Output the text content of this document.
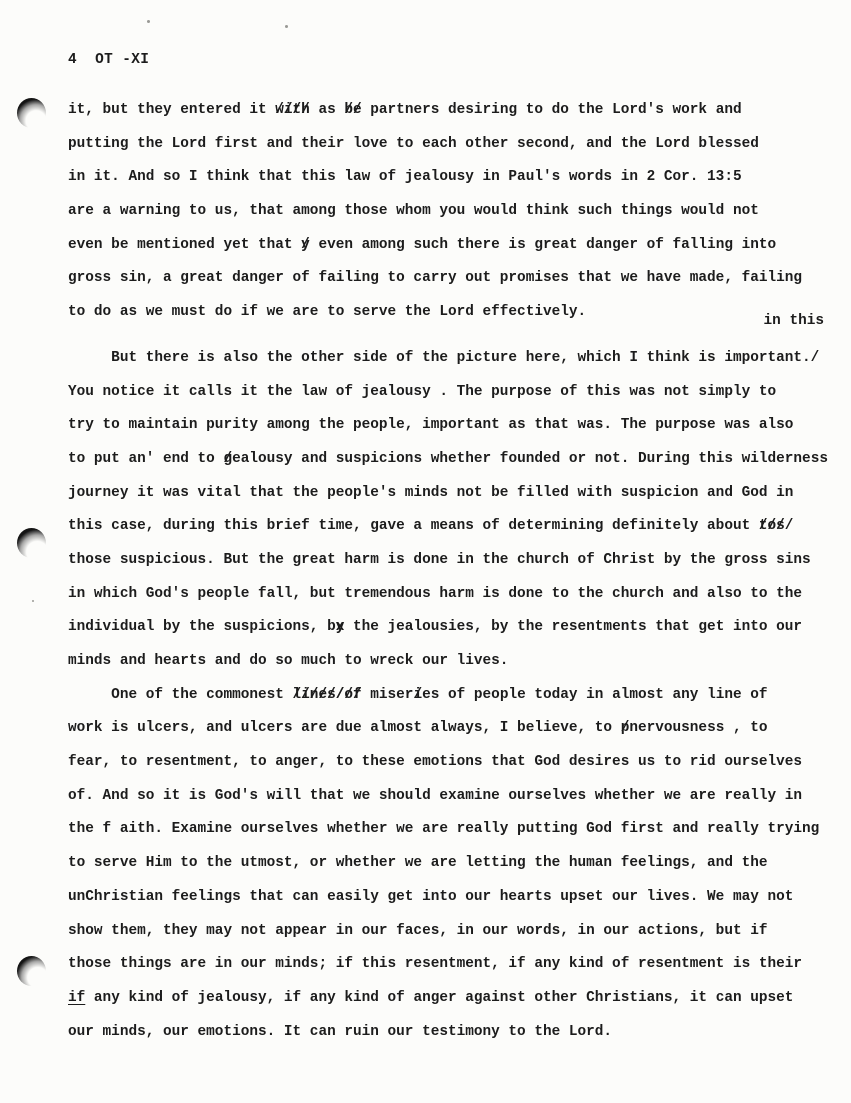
4  OT -XI
it, but they entered it with //// as be // partners desiring to do the Lord's work and
putting the Lord first and their love to each other second, and the Lord blessed
in it. And so I think that this law of jealousy in Paul's words in 2 Cor. 13:5
are a warning to us, that among those whom you would think such things would not
even be mentioned yet that y / even among such there is great danger of falling into
gross sin, a great danger of failing to carry out promises that we have made, failing
to do as we must do if we are to serve the Lord effectively.
in this
But there is also the other side of the picture here, which I think is important./
You notice it calls it the law of jealousy . The purpose of this was not simply to
try to maintain purity among the people, important as that was. The purpose was also
to put an' end to g /ealousy and suspicions whether founded or not. During this wilderness
journey it was vital that the people's minds not be filled with suspicion and God in
this case, during this brief time, gave a means of determining definitely about tos ////
those suspicious. But the great harm is done in the church of Christ by the gross sins
in which God's people fall, but tremendous harm is done to the church and also to the
individual by the suspicions, by x the jealousies, by the resentments that get into our
minds and hearts and do so much to wreck our lives.
One of the commonest lines/of //////// miseri /es of people today in almost any line of
work is ulcers, and ulcers are due almost always, I believe, to p /nervousness , to
fear, to resentment, to anger, to these emotions that God desires us to rid ourselves
of. And so it is God's will that we should examine ourselves whether we are really in
the f aith. Examine ourselves whether we are really putting God first and really trying
to serve Him to the utmost, or whether we are letting the human feelings, and the
unChristian feelings that can easily get into our hearts upset our lives. We may not
show them, they may not appear in our faces, in our words, in our actions, but if
those things are in our minds; if this resentment, if any kind of resentment is their
if any kind of jealousy, if any kind of anger against other Christians, it can upset
our minds, our emotions. It can ruin our testimony to the Lord.
